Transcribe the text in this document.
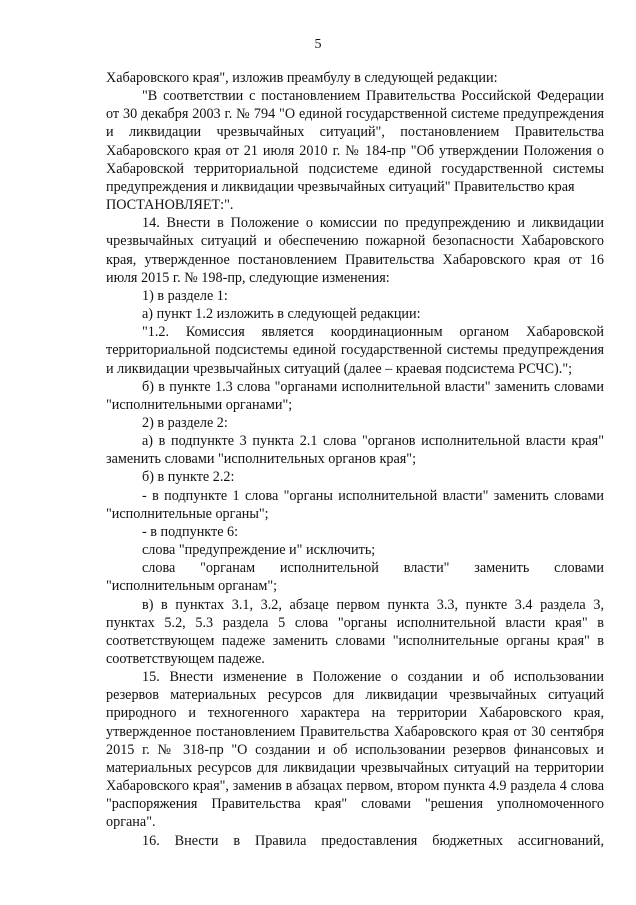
5

Хабаровского края", изложив преамбулу в следующей редакции:

"В соответствии с постановлением Правительства Российской Федерации от 30 декабря 2003 г. № 794 "О единой государственной системе предупреждения и ликвидации чрезвычайных ситуаций", постановлением Правительства Хабаровского края от 21 июля 2010 г. № 184-пр "Об утверждении Положения о Хабаровской территориальной подсистеме единой государственной системы предупреждения и ликвидации чрезвычайных ситуаций" Правительство края

ПОСТАНОВЛЯЕТ:".

14. Внести в Положение о комиссии по предупреждению и ликвидации чрезвычайных ситуаций и обеспечению пожарной безопасности Хабаровского края, утвержденное постановлением Правительства Хабаровского края от 16 июля 2015 г. № 198-пр, следующие изменения:

1) в разделе 1:

а) пункт 1.2 изложить в следующей редакции:

"1.2. Комиссия является координационным органом Хабаровской территориальной подсистемы единой государственной системы предупреждения и ликвидации чрезвычайных ситуаций (далее – краевая подсистема РСЧС).";

б) в пункте 1.3 слова "органами исполнительной власти" заменить словами "исполнительными органами";

2) в разделе 2:

а) в подпункте 3 пункта 2.1 слова "органов исполнительной власти края" заменить словами "исполнительных органов края";

б) в пункте 2.2:

- в подпункте 1 слова "органы исполнительной власти" заменить словами "исполнительные органы";

- в подпункте 6:

слова "предупреждение и" исключить;

слова "органам исполнительной власти" заменить словами "исполнительным органам";

в) в пунктах 3.1, 3.2, абзаце первом пункта 3.3, пункте 3.4 раздела 3, пунктах 5.2, 5.3 раздела 5 слова "органы исполнительной власти края" в соответствующем падеже заменить словами "исполнительные органы края" в соответствующем падеже.

15. Внести изменение в Положение о создании и об использовании резервов материальных ресурсов для ликвидации чрезвычайных ситуаций природного и техногенного характера на территории Хабаровского края, утвержденное постановлением Правительства Хабаровского края от 30 сентября 2015 г. № 318-пр "О создании и об использовании резервов финансовых и материальных ресурсов для ликвидации чрезвычайных ситуаций на территории Хабаровского края", заменив в абзацах первом, втором пункта 4.9 раздела 4 слова "распоряжения Правительства края" словами "решения уполномоченного органа".

16. Внести в Правила предоставления бюджетных ассигнований,
